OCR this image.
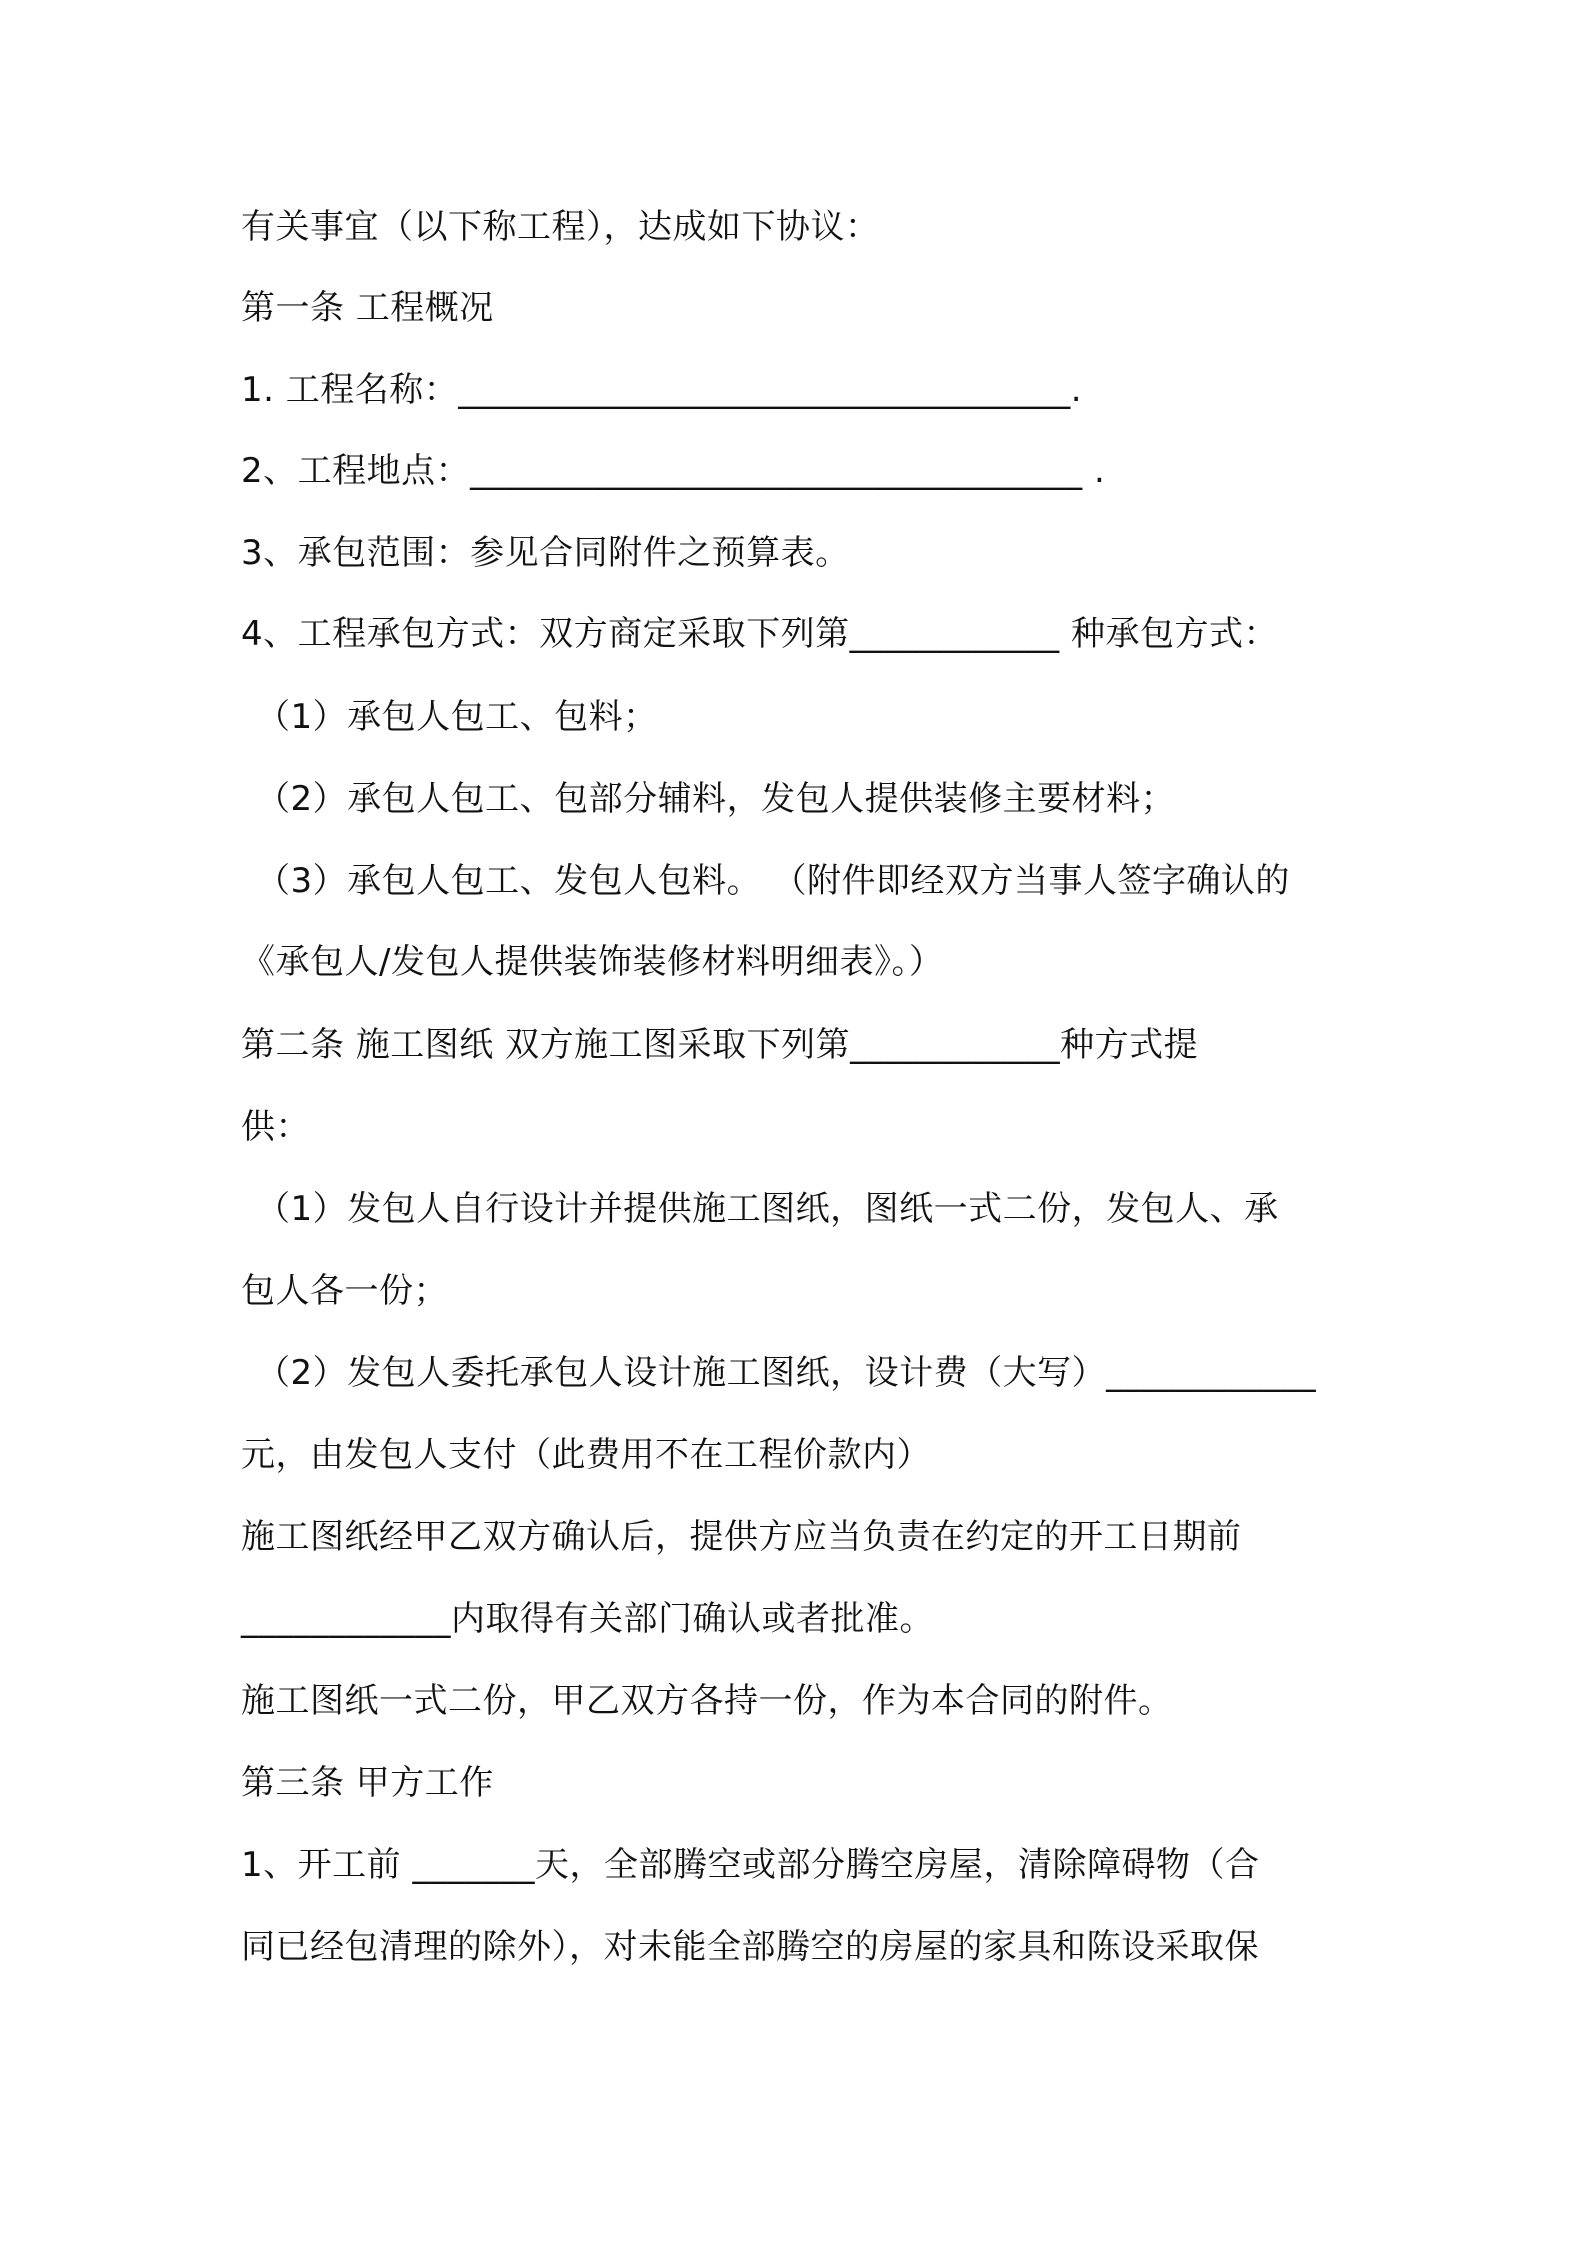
有关事宜（以下称工程），达成如下协议：
第一条 工程概况
1. 工程名称：___________________________________.
2、工程地点：___________________________________ .
3、承包范围：参见合同附件之预算表。
4、工程承包方式：双方商定采取下列第____________ 种承包方式：
（1）承包人包工、包料；
（2）承包人包工、包部分辅料，发包人提供装修主要材料；
（3）承包人包工、发包人包料。 （附件即经双方当事人签字确认的
《承包人/发包人提供装饰装修材料明细表》。）
第二条 施工图纸 双方施工图采取下列第____________种方式提
供：
（1）发包人自行设计并提供施工图纸，图纸一式二份，发包人、承
包人各一份；
（2）发包人委托承包人设计施工图纸，设计费（大写）____________
元，由发包人支付（此费用不在工程价款内）
施工图纸经甲乙双方确认后，提供方应当负责在约定的开工日期前
____________内取得有关部门确认或者批准。
施工图纸一式二份，甲乙双方各持一份，作为本合同的附件。
第三条 甲方工作
1、开工前 _______天，全部腾空或部分腾空房屋，清除障碍物（合
同已经包清理的除外），对未能全部腾空的房屋的家具和陈设采取保
